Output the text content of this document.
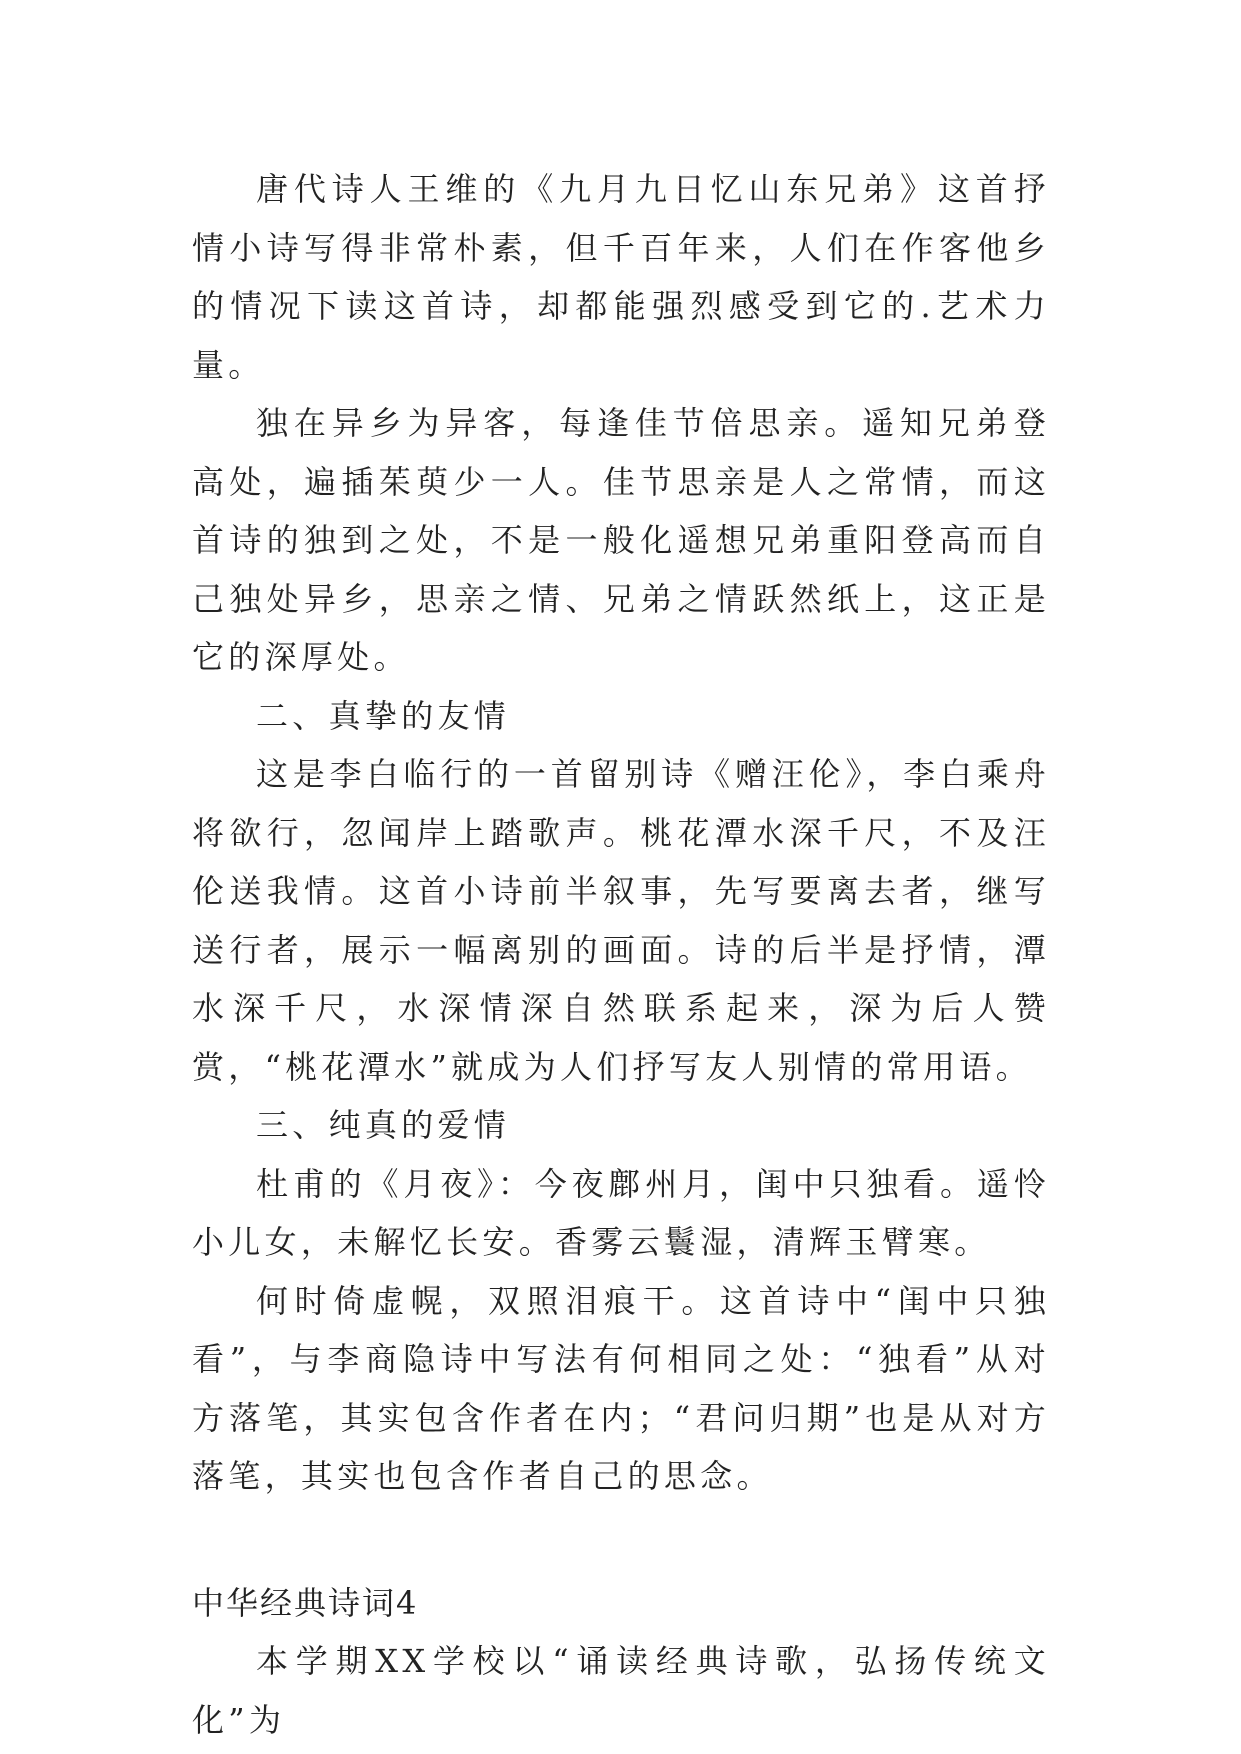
唐代诗人王维的《九月九日忆山东兄弟》这首抒情小诗写得非常朴素，但千百年来，人们在作客他乡的情况下读这首诗，却都能强烈感受到它的.艺术力量。

独在异乡为异客，每逢佳节倍思亲。遥知兄弟登高处，遍插茱萸少一人。佳节思亲是人之常情，而这首诗的独到之处，不是一般化遥想兄弟重阳登高而自己独处异乡，思亲之情、兄弟之情跃然纸上，这正是它的深厚处。

二、真挚的友情

这是李白临行的一首留别诗《赠汪伦》，李白乘舟将欲行，忽闻岸上踏歌声。桃花潭水深千尺，不及汪伦送我情。这首小诗前半叙事，先写要离去者，继写送行者，展示一幅离别的画面。诗的后半是抒情，潭水深千尺，水深情深自然联系起来，深为后人赞赏，“桃花潭水”就成为人们抒写友人别情的常用语。

三、纯真的爱情

杜甫的《月夜》：今夜鄜州月，闺中只独看。遥怜小儿女，未解忆长安。香雾云鬟湿，清辉玉臂寒。

何时倚虚幌，双照泪痕干。这首诗中“闺中只独看”，与李商隐诗中写法有何相同之处：“独看”从对方落笔，其实包含作者在内；“君问归期”也是从对方落笔，其实也包含作者自己的思念。

中华经典诗词4

本学期XX学校以“诵读经典诗歌，弘扬传统文化”为
